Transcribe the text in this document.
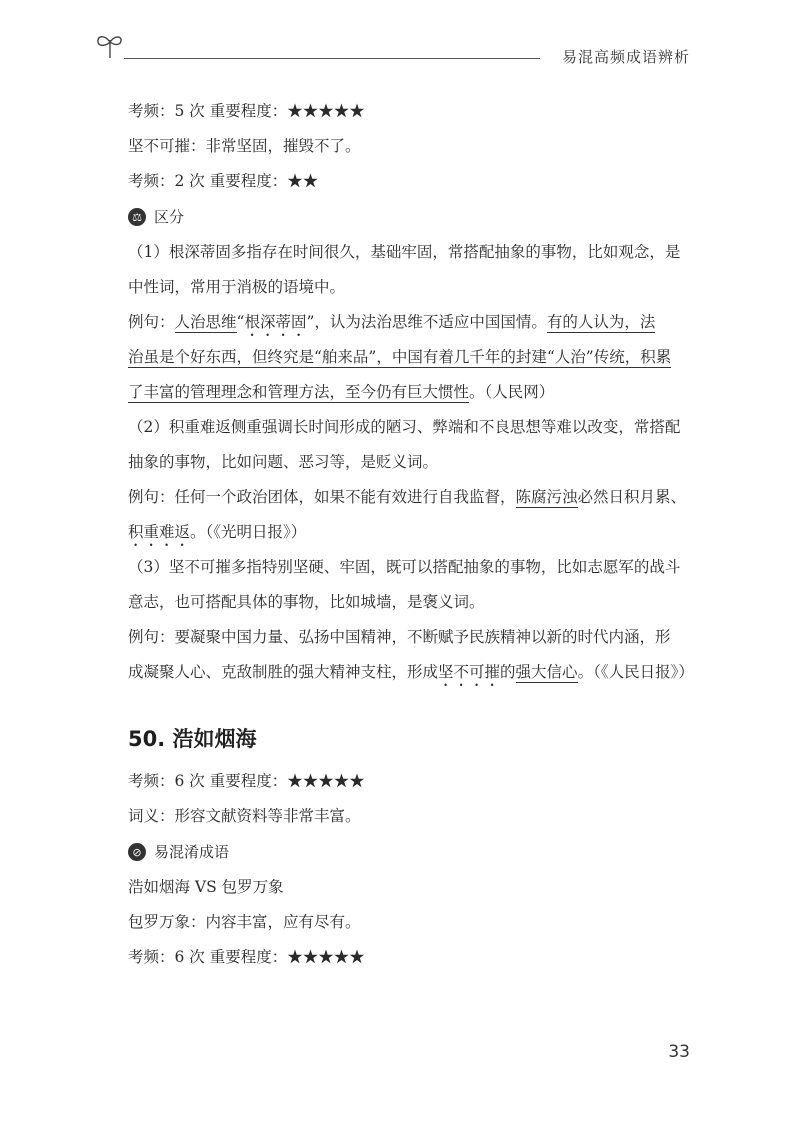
易混高频成语辨析

考频：5 次 重要程度：★★★★★

坚不可摧：非常坚固，摧毁不了。

考频：2 次 重要程度：★★

⚖ 区分

（1）根深蒂固多指存在时间很久，基础牢固，常搭配抽象的事物，比如观念，是

中性词，常用于消极的语境中。

例句：人治思维“根深蒂固”，认为法治思维不适应中国国情。有的人认为，法

治虽是个好东西，但终究是“舶来品”，中国有着几千年的封建“人治”传统，积累

了丰富的管理理念和管理方法，至今仍有巨大惯性。（人民网）

（2）积重难返侧重强调长时间形成的陋习、弊端和不良思想等难以改变，常搭配

抽象的事物，比如问题、恶习等，是贬义词。

例句：任何一个政治团体，如果不能有效进行自我监督，陈腐污浊必然日积月累、

积重难返。（《光明日报》）

（3）坚不可摧多指特别坚硬、牢固，既可以搭配抽象的事物，比如志愿军的战斗

意志，也可搭配具体的事物，比如城墙，是褒义词。

例句：要凝聚中国力量、弘扬中国精神，不断赋予民族精神以新的时代内涵，形

成凝聚人心、克敌制胜的强大精神支柱，形成坚不可摧的强大信心。（《人民日报》）

50. 浩如烟海

考频：6 次 重要程度：★★★★★

词义：形容文献资料等非常丰富。

⊘ 易混淆成语

浩如烟海 VS 包罗万象

包罗万象：内容丰富，应有尽有。

考频：6 次 重要程度：★★★★★

33
